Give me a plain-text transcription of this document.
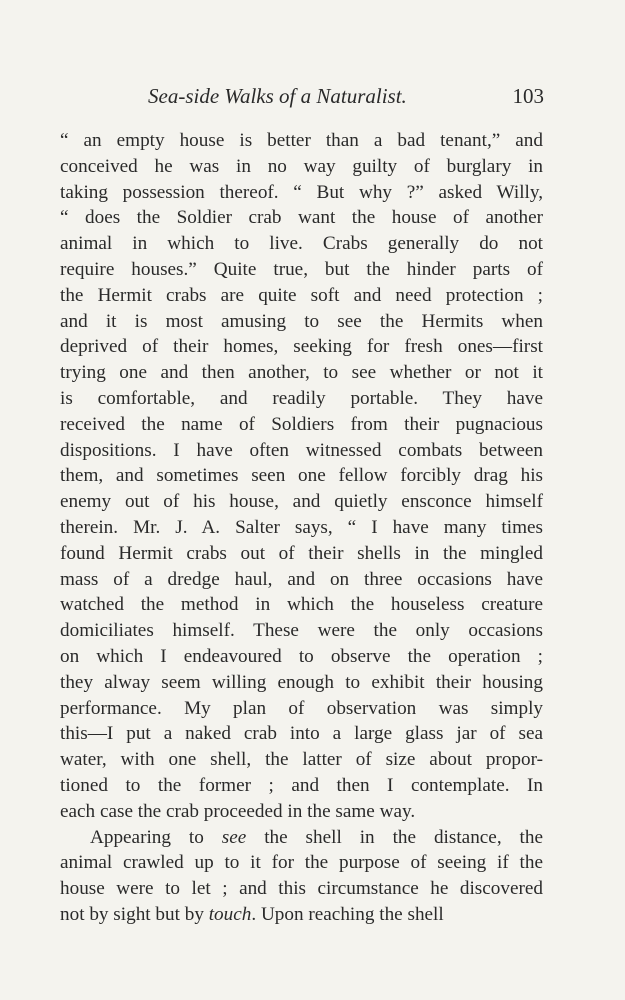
Sea-side Walks of a Naturalist.	103
“ an empty house is better than a bad tenant,” and
conceived he was in no way guilty of burglary in
taking possession thereof. “ But why ?” asked Willy,
“ does the Soldier crab want the house of another
animal in which to live. Crabs generally do not
require houses.” Quite true, but the hinder parts of
the Hermit crabs are quite soft and need protection ;
and it is most amusing to see the Hermits when
deprived of their homes, seeking for fresh ones—first
trying one and then another, to see whether or not it
is comfortable, and readily portable. They have
received the name of Soldiers from their pugnacious
dispositions. I have often witnessed combats between
them, and sometimes seen one fellow forcibly drag his
enemy out of his house, and quietly ensconce himself
therein. Mr. J. A. Salter says, “ I have many times
found Hermit crabs out of their shells in the mingled
mass of a dredge haul, and on three occasions have
watched the method in which the houseless creature
domiciliates himself. These were the only occasions
on which I endeavoured to observe the operation ;
they alway seem willing enough to exhibit their housing
performance. My plan of observation was simply
this—I put a naked crab into a large glass jar of sea
water, with one shell, the latter of size about propor-
tioned to the former ; and then I contemplate. In
each case the crab proceeded in the same way.
Appearing to see the shell in the distance, the
animal crawled up to it for the purpose of seeing if the
house were to let ; and this circumstance he discovered
not by sight but by touch. Upon reaching the shell
